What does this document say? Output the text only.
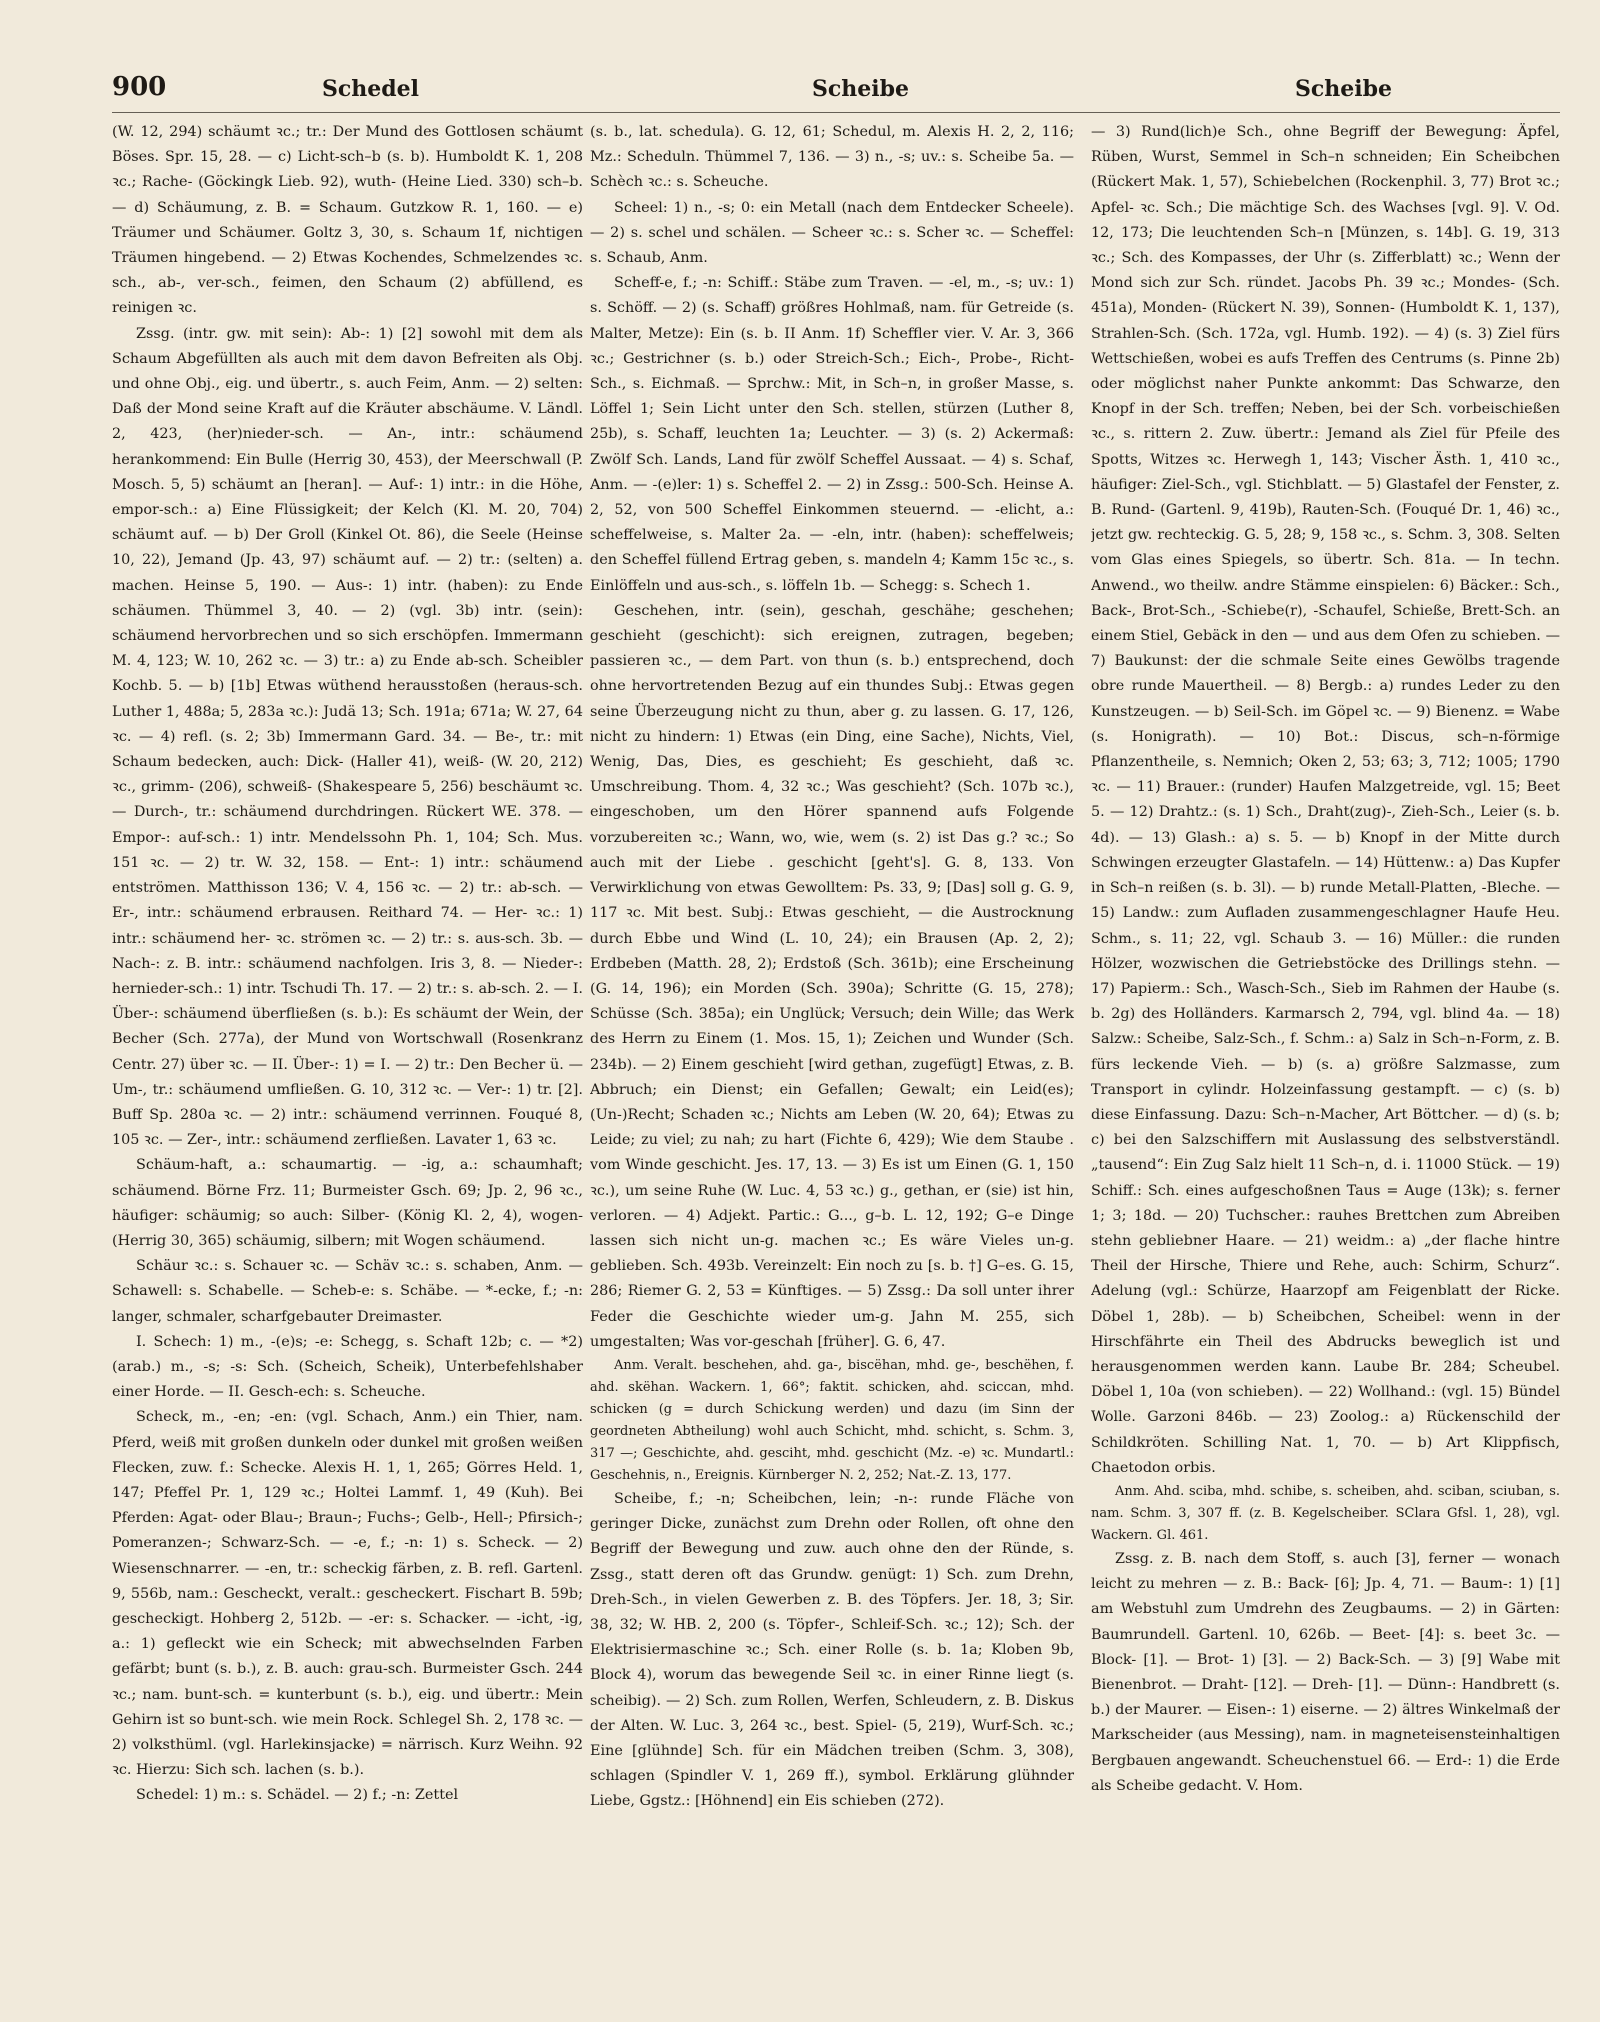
900	Schedel	Scheibe	Scheibe

(W. 12, 294) schäumt ꝛc.; tr.: Der Mund des Gottlosen schäumt Böses. Spr. 15, 28. — c) Licht-sch–b (s. b). Humboldt K. 1, 208 ꝛc.; Rache- (Göckingk Lieb. 92), wuth- (Heine Lied. 330) sch–b. — d) Schäumung, z. B. = Schaum. Gutzkow R. 1, 160. — e) Träumer und Schäumer. Goltz 3, 30, s. Schaum 1f, nichtigen Träumen hingebend. — 2) Etwas Kochendes, Schmelzendes ꝛc. sch., ab-, ver-sch., feimen, den Schaum (2) abfüllend, es reinigen ꝛc.

Zssg. (intr. gw. mit sein): Ab-: 1) [2] sowohl mit dem als Schaum Abgefüllten als auch mit dem davon Befreiten als Obj. und ohne Obj., eig. und übertr., s. auch Feim, Anm. — 2) selten: Daß der Mond seine Kraft auf die Kräuter abschäume. V. Ländl. 2, 423, (her)nieder-sch. — An-, intr.: schäumend herankommend: Ein Bulle (Herrig 30, 453), der Meerschwall (P. Mosch. 5, 5) schäumt an [heran]. — Auf-: 1) intr.: in die Höhe, empor-sch.: a) Eine Flüssigkeit; der Kelch (Kl. M. 20, 704) schäumt auf. — b) Der Groll (Kinkel Ot. 86), die Seele (Heinse 10, 22), Jemand (Jp. 43, 97) schäumt auf. — 2) tr.: (selten) a. machen. Heinse 5, 190. — Aus-: 1) intr. (haben): zu Ende schäumen. Thümmel 3, 40. — 2) (vgl. 3b) intr. (sein): schäumend hervorbrechen und so sich erschöpfen. Immermann M. 4, 123; W. 10, 262 ꝛc. — 3) tr.: a) zu Ende ab-sch. Scheibler Kochb. 5. — b) [1b] Etwas wüthend herausstoßen (heraus-sch. Luther 1, 488a; 5, 283a ꝛc.): Judä 13; Sch. 191a; 671a; W. 27, 64 ꝛc. — 4) refl. (s. 2; 3b) Immermann Gard. 34. — Be-, tr.: mit Schaum bedecken, auch: Dick- (Haller 41), weiß- (W. 20, 212) ꝛc., grimm- (206), schweiß- (Shakespeare 5, 256) beschäumt ꝛc. — Durch-, tr.: schäumend durchdringen. Rückert WE. 378. — Empor-: auf-sch.: 1) intr. Mendelssohn Ph. 1, 104; Sch. Mus. 151 ꝛc. — 2) tr. W. 32, 158. — Ent-: 1) intr.: schäumend entströmen. Matthisson 136; V. 4, 156 ꝛc. — 2) tr.: ab-sch. — Er-, intr.: schäumend erbrausen. Reithard 74. — Her- ꝛc.: 1) intr.: schäumend her- ꝛc. strömen ꝛc. — 2) tr.: s. aus-sch. 3b. — Nach-: z. B. intr.: schäumend nachfolgen. Iris 3, 8. — Nieder-: hernieder-sch.: 1) intr. Tschudi Th. 17. — 2) tr.: s. ab-sch. 2. — I. Über-: schäumend überfließen (s. b.): Es schäumt der Wein, der Becher (Sch. 277a), der Mund von Wortschwall (Rosenkranz Centr. 27) über ꝛc. — II. Über-: 1) = I. — 2) tr.: Den Becher ü. — Um-, tr.: schäumend umfließen. G. 10, 312 ꝛc. — Ver-: 1) tr. [2]. Buff Sp. 280a ꝛc. — 2) intr.: schäumend verrinnen. Fouqué 8, 105 ꝛc. — Zer-, intr.: schäumend zerfließen. Lavater 1, 63 ꝛc.

Schäum-haft, a.: schaumartig. — -ig, a.: schaumhaft; schäumend. Börne Frz. 11; Burmeister Gsch. 69; Jp. 2, 96 ꝛc., häufiger: schäumig; so auch: Silber- (König Kl. 2, 4), wogen- (Herrig 30, 365) schäumig, silbern; mit Wogen schäumend.

Schäur ꝛc.: s. Schauer ꝛc. — Schäv ꝛc.: s. schaben, Anm. — Schawell: s. Schabelle. — Scheb-e: s. Schäbe. — *-ecke, f.; -n: langer, schmaler, scharfgebauter Dreimaster.

I. Schech: 1) m., -(e)s; -e: Schegg, s. Schaft 12b; c. — *2) (arab.) m., -s; -s: Sch. (Scheich, Scheik), Unterbefehlshaber einer Horde. — II. Gesch-ech: s. Scheuche.

Scheck, m., -en; -en: (vgl. Schach, Anm.) ein Thier, nam. Pferd, weiß mit großen dunkeln oder dunkel mit großen weißen Flecken, zuw. f.: Schecke. Alexis H. 1, 1, 265; Görres Held. 1, 147; Pfeffel Pr. 1, 129 ꝛc.; Holtei Lammf. 1, 49 (Kuh). Bei Pferden: Agat- oder Blau-; Braun-; Fuchs-; Gelb-, Hell-; Pfirsich-; Pomeranzen-; Schwarz-Sch. — -e, f.; -n: 1) s. Scheck. — 2) Wiesenschnarrer. — -en, tr.: scheckig färben, z. B. refl. Gartenl. 9, 556b, nam.: Gescheckt, veralt.: gescheckert. Fischart B. 59b; gescheckigt. Hohberg 2, 512b. — -er: s. Schacker. — -icht, -ig, a.: 1) gefleckt wie ein Scheck; mit abwechselnden Farben gefärbt; bunt (s. b.), z. B. auch: grau-sch. Burmeister Gsch. 244 ꝛc.; nam. bunt-sch. = kunterbunt (s. b.), eig. und übertr.: Mein Gehirn ist so bunt-sch. wie mein Rock. Schlegel Sh. 2, 178 ꝛc. — 2) volksthüml. (vgl. Harlekinsjacke) = närrisch. Kurz Weihn. 92 ꝛc. Hierzu: Sich sch. lachen (s. b.).

Schedel: 1) m.: s. Schädel. — 2) f.; -n: Zettel

(s. b., lat. schedula). G. 12, 61; Schedul, m. Alexis H. 2, 2, 116; Mz.: Scheduln. Thümmel 7, 136. — 3) n., -s; uv.: s. Scheibe 5a. — Schèch ꝛc.: s. Scheuche.

Scheel: 1) n., -s; 0: ein Metall (nach dem Entdecker Scheele). — 2) s. schel und schälen. — Scheer ꝛc.: s. Scher ꝛc. — Scheffel: s. Schaub, Anm.

Scheff-e, f.; -n: Schiff.: Stäbe zum Traven. — -el, m., -s; uv.: 1) s. Schöff. — 2) (s. Schaff) größres Hohlmaß, nam. für Getreide (s. Malter, Metze): Ein (s. b. II Anm. 1f) Scheffler vier. V. Ar. 3, 366 ꝛc.; Gestrichner (s. b.) oder Streich-Sch.; Eich-, Probe-, Richt-Sch., s. Eichmaß. — Sprchw.: Mit, in Sch–n, in großer Masse, s. Löffel 1; Sein Licht unter den Sch. stellen, stürzen (Luther 8, 25b), s. Schaff, leuchten 1a; Leuchter. — 3) (s. 2) Ackermaß: Zwölf Sch. Lands, Land für zwölf Scheffel Aussaat. — 4) s. Schaf, Anm. — -(e)ler: 1) s. Scheffel 2. — 2) in Zssg.: 500-Sch. Heinse A. 2, 52, von 500 Scheffel Einkommen steuernd. — -elicht, a.: scheffelweise, s. Malter 2a. — -eln, intr. (haben): scheffelweis; den Scheffel füllend Ertrag geben, s. mandeln 4; Kamm 15c ꝛc., s. Einlöffeln und aus-sch., s. löffeln 1b. — Schegg: s. Schech 1.

Geschehen, intr. (sein), geschah, geschähe; geschehen; geschieht (geschicht): sich ereignen, zutragen, begeben; passieren ꝛc., — dem Part. von thun (s. b.) entsprechend, doch ohne hervortretenden Bezug auf ein thundes Subj.: Etwas gegen seine Überzeugung nicht zu thun, aber g. zu lassen. G. 17, 126, nicht zu hindern: 1) Etwas (ein Ding, eine Sache), Nichts, Viel, Wenig, Das, Dies, es geschieht; Es geschieht, daß ꝛc. Umschreibung. Thom. 4, 32 ꝛc.; Was geschieht? (Sch. 107b ꝛc.), eingeschoben, um den Hörer spannend aufs Folgende vorzubereiten ꝛc.; Wann, wo, wie, wem (s. 2) ist Das g.? ꝛc.; So auch mit der Liebe . geschicht [geht's]. G. 8, 133. Von Verwirklichung von etwas Gewolltem: Ps. 33, 9; [Das] soll g. G. 9, 117 ꝛc. Mit best. Subj.: Etwas geschieht, — die Austrocknung durch Ebbe und Wind (L. 10, 24); ein Brausen (Ap. 2, 2); Erdbeben (Matth. 28, 2); Erdstoß (Sch. 361b); eine Erscheinung (G. 14, 196); ein Morden (Sch. 390a); Schritte (G. 15, 278); Schüsse (Sch. 385a); ein Unglück; Versuch; dein Wille; das Werk des Herrn zu Einem (1. Mos. 15, 1); Zeichen und Wunder (Sch. 234b). — 2) Einem geschieht [wird gethan, zugefügt] Etwas, z. B. Abbruch; ein Dienst; ein Gefallen; Gewalt; ein Leid(es); (Un-)Recht; Schaden ꝛc.; Nichts am Leben (W. 20, 64); Etwas zu Leide; zu viel; zu nah; zu hart (Fichte 6, 429); Wie dem Staube . vom Winde geschicht. Jes. 17, 13. — 3) Es ist um Einen (G. 1, 150 ꝛc.), um seine Ruhe (W. Luc. 4, 53 ꝛc.) g., gethan, er (sie) ist hin, verloren. — 4) Adjekt. Partic.: G..., g–b. L. 12, 192; G–e Dinge lassen sich nicht un-g. machen ꝛc.; Es wäre Vieles un-g. geblieben. Sch. 493b. Vereinzelt: Ein noch zu [s. b. †] G–es. G. 15, 286; Riemer G. 2, 53 = Künftiges. — 5) Zssg.: Da soll unter ihrer Feder die Geschichte wieder um-g. Jahn M. 255, sich umgestalten; Was vor-geschah [früher]. G. 6, 47.

Anm. Veralt. beschehen, ahd. ga-, biscëhan, mhd. ge-, beschëhen, f. ahd. skëhan. Wackern. 1, 66°; faktit. schicken, ahd. sciccan, mhd. schicken (g = durch Schickung werden) und dazu (im Sinn der geordneten Abtheilung) wohl auch Schicht, mhd. schicht, s. Schm. 3, 317 —; Geschichte, ahd. gesciht, mhd. geschicht (Mz. -e) ꝛc. Mundartl.: Geschehnis, n., Ereignis. Kürnberger N. 2, 252; Nat.-Z. 13, 177.

Scheibe, f.; -n; Scheibchen, lein; -n-: runde Fläche von geringer Dicke, zunächst zum Drehn oder Rollen, oft ohne den Begriff der Bewegung und zuw. auch ohne den der Ründe, s. Zssg., statt deren oft das Grundw. genügt: 1) Sch. zum Drehn, Dreh-Sch., in vielen Gewerben z. B. des Töpfers. Jer. 18, 3; Sir. 38, 32; W. HB. 2, 200 (s. Töpfer-, Schleif-Sch. ꝛc.; 12); Sch. der Elektrisiermaschine ꝛc.; Sch. einer Rolle (s. b. 1a; Kloben 9b, Block 4), worum das bewegende Seil ꝛc. in einer Rinne liegt (s. scheibig). — 2) Sch. zum Rollen, Werfen, Schleudern, z. B. Diskus der Alten. W. Luc. 3, 264 ꝛc., best. Spiel- (5, 219), Wurf-Sch. ꝛc.; Eine [glühnde] Sch. für ein Mädchen treiben (Schm. 3, 308), schlagen (Spindler V. 1, 269 ff.), symbol. Erklärung glühnder Liebe, Ggstz.: [Höhnend] ein Eis schieben (272).

— 3) Rund(lich)e Sch., ohne Begriff der Bewegung: Äpfel, Rüben, Wurst, Semmel in Sch–n schneiden; Ein Scheibchen (Rückert Mak. 1, 57), Schiebelchen (Rockenphil. 3, 77) Brot ꝛc.; Apfel- ꝛc. Sch.; Die mächtige Sch. des Wachses [vgl. 9]. V. Od. 12, 173; Die leuchtenden Sch–n [Münzen, s. 14b]. G. 19, 313 ꝛc.; Sch. des Kompasses, der Uhr (s. Zifferblatt) ꝛc.; Wenn der Mond sich zur Sch. ründet. Jacobs Ph. 39 ꝛc.; Mondes- (Sch. 451a), Monden- (Rückert N. 39), Sonnen- (Humboldt K. 1, 137), Strahlen-Sch. (Sch. 172a, vgl. Humb. 192). — 4) (s. 3) Ziel fürs Wettschießen, wobei es aufs Treffen des Centrums (s. Pinne 2b) oder möglichst naher Punkte ankommt: Das Schwarze, den Knopf in der Sch. treffen; Neben, bei der Sch. vorbeischießen ꝛc., s. rittern 2. Zuw. übertr.: Jemand als Ziel für Pfeile des Spotts, Witzes ꝛc. Herwegh 1, 143; Vischer Ästh. 1, 410 ꝛc., häufiger: Ziel-Sch., vgl. Stichblatt. — 5) Glastafel der Fenster, z. B. Rund- (Gartenl. 9, 419b), Rauten-Sch. (Fouqué Dr. 1, 46) ꝛc., jetzt gw. rechteckig. G. 5, 28; 9, 158 ꝛc., s. Schm. 3, 308. Selten vom Glas eines Spiegels, so übertr. Sch. 81a. — In techn. Anwend., wo theilw. andre Stämme einspielen: 6) Bäcker.: Sch., Back-, Brot-Sch., -Schiebe(r), -Schaufel, Schieße, Brett-Sch. an einem Stiel, Gebäck in den — und aus dem Ofen zu schieben. — 7) Baukunst: der die schmale Seite eines Gewölbs tragende obre runde Mauertheil. — 8) Bergb.: a) rundes Leder zu den Kunstzeugen. — b) Seil-Sch. im Göpel ꝛc. — 9) Bienenz. = Wabe (s. Honigrath). — 10) Bot.: Discus, sch–n-förmige Pflanzentheile, s. Nemnich; Oken 2, 53; 63; 3, 712; 1005; 1790 ꝛc. — 11) Brauer.: (runder) Haufen Malzgetreide, vgl. 15; Beet 5. — 12) Drahtz.: (s. 1) Sch., Draht(zug)-, Zieh-Sch., Leier (s. b. 4d). — 13) Glash.: a) s. 5. — b) Knopf in der Mitte durch Schwingen erzeugter Glastafeln. — 14) Hüttenw.: a) Das Kupfer in Sch–n reißen (s. b. 3l). — b) runde Metall-Platten, -Bleche. — 15) Landw.: zum Aufladen zusammengeschlagner Haufe Heu. Schm., s. 11; 22, vgl. Schaub 3. — 16) Müller.: die runden Hölzer, wozwischen die Getriebstöcke des Drillings stehn. — 17) Papierm.: Sch., Wasch-Sch., Sieb im Rahmen der Haube (s. b. 2g) des Holländers. Karmarsch 2, 794, vgl. blind 4a. — 18) Salzw.: Scheibe, Salz-Sch., f. Schm.: a) Salz in Sch–n-Form, z. B. fürs leckende Vieh. — b) (s. a) größre Salzmasse, zum Transport in cylindr. Holzeinfassung gestampft. — c) (s. b) diese Einfassung. Dazu: Sch–n-Macher, Art Böttcher. — d) (s. b; c) bei den Salzschiffern mit Auslassung des selbstverständl. „tausend“: Ein Zug Salz hielt 11 Sch–n, d. i. 11000 Stück. — 19) Schiff.: Sch. eines aufgeschoßnen Taus = Auge (13k); s. ferner 1; 3; 18d. — 20) Tuchscher.: rauhes Brettchen zum Abreiben stehn gebliebner Haare. — 21) weidm.: a) „der flache hintre Theil der Hirsche, Thiere und Rehe, auch: Schirm, Schurz“. Adelung (vgl.: Schürze, Haarzopf am Feigenblatt der Ricke. Döbel 1, 28b). — b) Scheibchen, Scheibel: wenn in der Hirschfährte ein Theil des Abdrucks beweglich ist und herausgenommen werden kann. Laube Br. 284; Scheubel. Döbel 1, 10a (von schieben). — 22) Wollhand.: (vgl. 15) Bündel Wolle. Garzoni 846b. — 23) Zoolog.: a) Rückenschild der Schildkröten. Schilling Nat. 1, 70. — b) Art Klippfisch, Chaetodon orbis.

Anm. Ahd. sciba, mhd. schibe, s. scheiben, ahd. sciban, sciuban, s. nam. Schm. 3, 307 ff. (z. B. Kegelscheiber. SClara Gfsl. 1, 28), vgl. Wackern. Gl. 461.

Zssg. z. B. nach dem Stoff, s. auch [3], ferner — wonach leicht zu mehren — z. B.: Back- [6]; Jp. 4, 71. — Baum-: 1) [1] am Webstuhl zum Umdrehn des Zeugbaums. — 2) in Gärten: Baumrundell. Gartenl. 10, 626b. — Beet- [4]: s. beet 3c. — Block- [1]. — Brot- 1) [3]. — 2) Back-Sch. — 3) [9] Wabe mit Bienenbrot. — Draht- [12]. — Dreh- [1]. — Dünn-: Handbrett (s. b.) der Maurer. — Eisen-: 1) eiserne. — 2) ältres Winkelmaß der Markscheider (aus Messing), nam. in magneteisensteinhaltigen Bergbauen angewandt. Scheuchenstuel 66. — Erd-: 1) die Erde als Scheibe gedacht. V. Hom.
